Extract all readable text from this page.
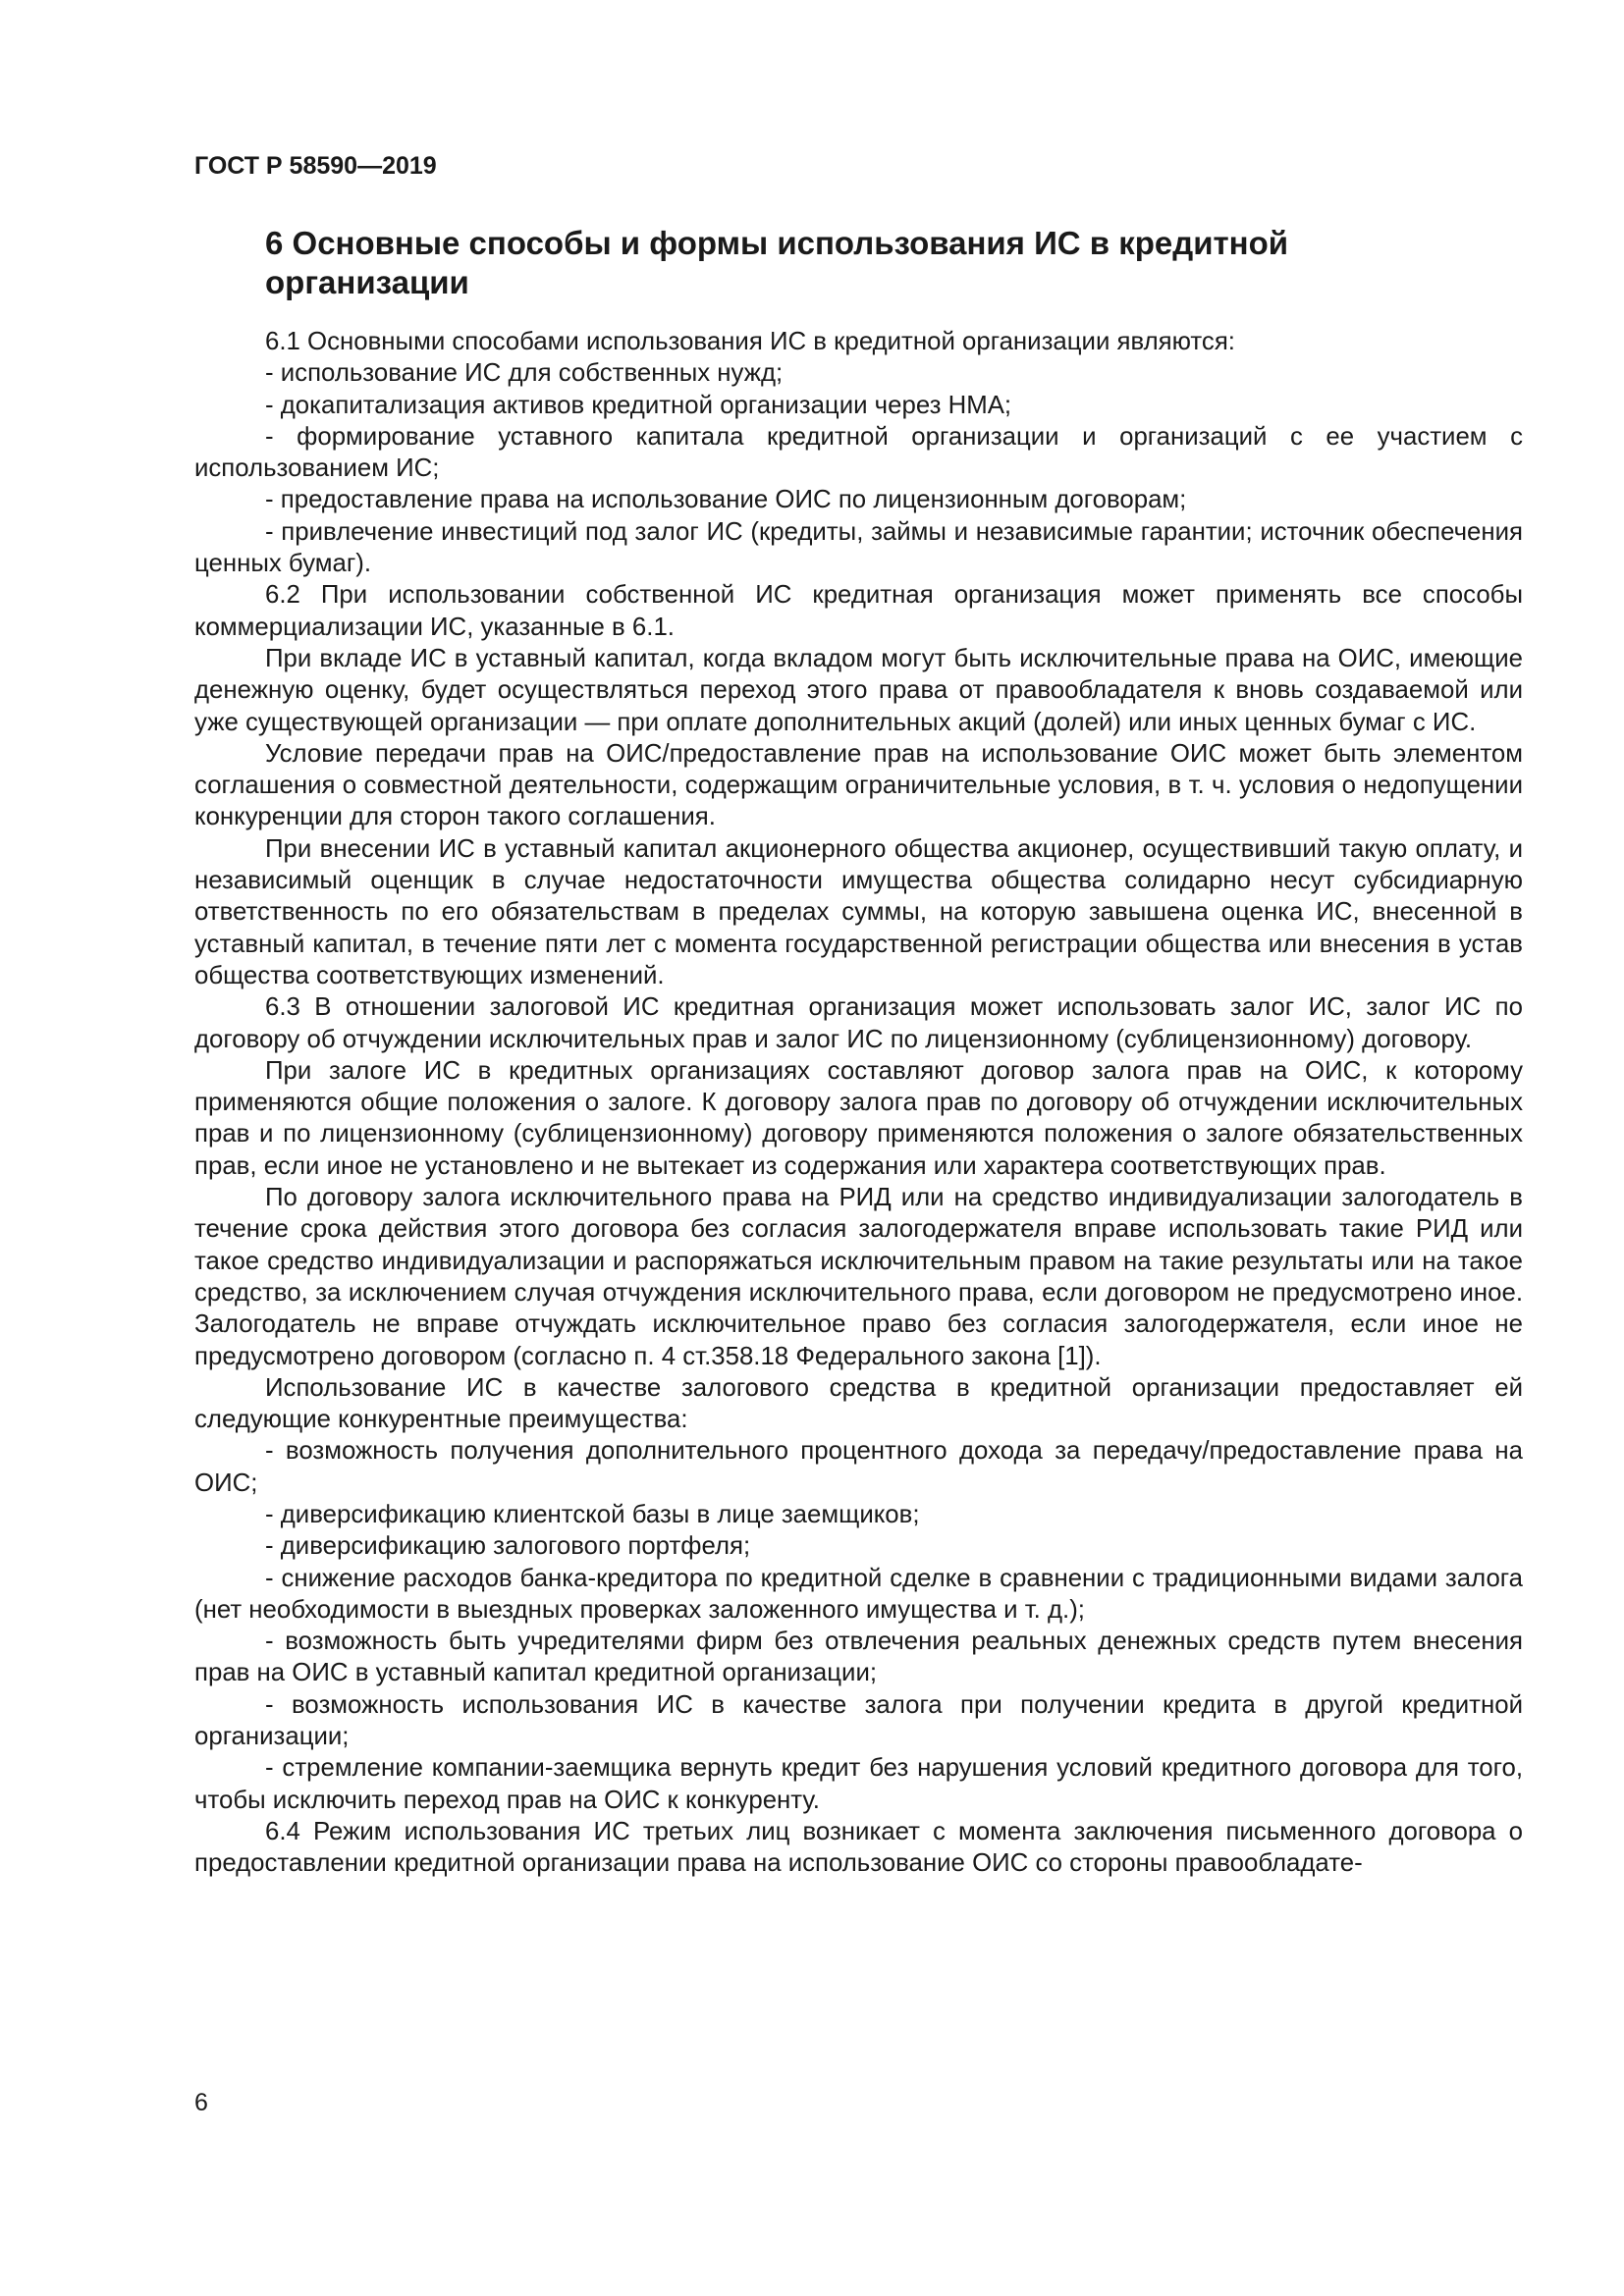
ГОСТ Р 58590—2019

6 Основные способы и формы использования ИС в кредитной организации

6.1 Основными способами использования ИС в кредитной организации являются:

- использование ИС для собственных нужд;

- докапитализация активов кредитной организации через НМА;

- формирование уставного капитала кредитной организации и организаций с ее участием с использованием ИС;

- предоставление права на использование ОИС по лицензионным договорам;

- привлечение инвестиций под залог ИС (кредиты, займы и независимые гарантии; источник обеспечения ценных бумаг).

6.2 При использовании собственной ИС кредитная организация может применять все способы коммерциализации ИС, указанные в 6.1.

При вкладе ИС в уставный капитал, когда вкладом могут быть исключительные права на ОИС, имеющие денежную оценку, будет осуществляться переход этого права от правообладателя к вновь создаваемой или уже существующей организации — при оплате дополнительных акций (долей) или иных ценных бумаг с ИС.

Условие передачи прав на ОИС/предоставление прав на использование ОИС может быть элементом соглашения о совместной деятельности, содержащим ограничительные условия, в т. ч. условия о недопущении конкуренции для сторон такого соглашения.

При внесении ИС в уставный капитал акционерного общества акционер, осуществивший такую оплату, и независимый оценщик в случае недостаточности имущества общества солидарно несут субсидиарную ответственность по его обязательствам в пределах суммы, на которую завышена оценка ИС, внесенной в уставный капитал, в течение пяти лет с момента государственной регистрации общества или внесения в устав общества соответствующих изменений.

6.3 В отношении залоговой ИС кредитная организация может использовать залог ИС, залог ИС по договору об отчуждении исключительных прав и залог ИС по лицензионному (сублицензионному) договору.

При залоге ИС в кредитных организациях составляют договор залога прав на ОИС, к которому применяются общие положения о залоге. К договору залога прав по договору об отчуждении исключительных прав и по лицензионному (сублицензионному) договору применяются положения о залоге обязательственных прав, если иное не установлено и не вытекает из содержания или характера соответствующих прав.

По договору залога исключительного права на РИД или на средство индивидуализации залогодатель в течение срока действия этого договора без согласия залогодержателя вправе использовать такие РИД или такое средство индивидуализации и распоряжаться исключительным правом на такие результаты или на такое средство, за исключением случая отчуждения исключительного права, если договором не предусмотрено иное. Залогодатель не вправе отчуждать исключительное право без согласия залогодержателя, если иное не предусмотрено договором (согласно п. 4 ст.358.18 Федерального закона [1]).

Использование ИС в качестве залогового средства в кредитной организации предоставляет ей следующие конкурентные преимущества:

- возможность получения дополнительного процентного дохода за передачу/предоставление права на ОИС;

- диверсификацию клиентской базы в лице заемщиков;

- диверсификацию залогового портфеля;

- снижение расходов банка-кредитора по кредитной сделке в сравнении с традиционными видами залога (нет необходимости в выездных проверках заложенного имущества и т. д.);

- возможность быть учредителями фирм без отвлечения реальных денежных средств путем внесения прав на ОИС в уставный капитал кредитной организации;

- возможность использования ИС в качестве залога при получении кредита в другой кредитной организации;

- стремление компании-заемщика вернуть кредит без нарушения условий кредитного договора для того, чтобы исключить переход прав на ОИС к конкуренту.

6.4 Режим использования ИС третьих лиц возникает с момента заключения письменного договора о предоставлении кредитной организации права на использование ОИС со стороны правообладате-

6
